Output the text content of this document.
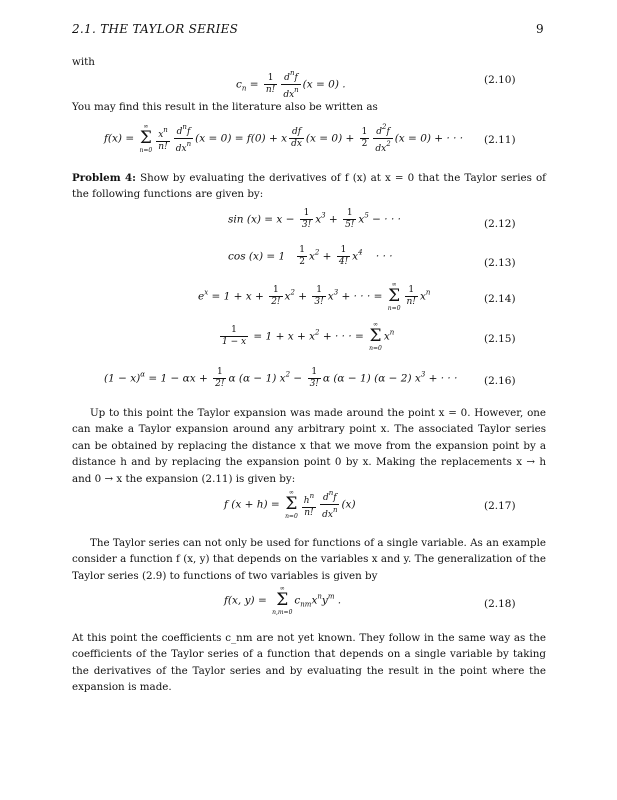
2.1. THE TAYLOR SERIES	9
with
$c_n = \frac{1}{n!} \frac{d^nf}{dx^n} (x = 0)$ .	(2.10)
You may find this result in the literature also be written as
f(x) =
∞
Σ
$n=0 \frac{x^n}{n!} \frac{d^nf}{dx^n} (x = 0) = f(0) + x \frac{df}{dx} (x = 0) + \frac{1}{2} \frac{d^2f}{dx^2} (x = 0)$ + · · · (2.11)
Problem 4: Show by evaluating the derivatives of f (x) at x = 0 that the Taylor series of the following functions are given by:
$\sin (x) = x - \frac{1}{3!} x^3 + \frac{1}{5!} x^5$ − · · ·	(2.12)
$\cos (x) = 1 \frac{1}{2} x^2 + \frac{1}{4!} x^4$    · · ·
(2.13)
$e^x = 1 + x + \frac{1}{2!} x^2 + \frac{1}{3!} x^3$ + · · · =
∞
Σ
n=0
$\frac{1}{n!} x^n$
(2.14)
$\frac{1}{1 - x} = 1 + x + x^2$ + · · · =
∞
Σ
n=0
$x^n$
(2.15)
$(1 - x)^\alpha = 1 - \alpha x + \frac{1}{2!}$ α (α − 1) $x^2 - \frac{1}{3!}$ α (α − 1) (α − 2) $x^3$ + · · ·	(2.16)
Up to this point the Taylor expansion was made around the point x = 0. However, one can make a Taylor expansion around any arbitrary point x. The associated Taylor series can be obtained by replacing the distance x that we move from the expansion point by a distance h and by replacing the expansion point 0 by x. Making the replacements x → h and 0 → x the expansion (2.11) is given by:
f (x + h) =
∞
Σ
$n=0 \frac{h^n}{n!} \frac{d^nf}{dx^n} (x)$	(2.17)
The Taylor series can not only be used for functions of a single variable. As an example consider a function f (x, y) that depends on the variables x and y. The generalization of the Taylor series (2.9) to functions of two variables is given by
f(x, y) =
∞
Σ
n,m=0
$c_{nm}x^ny^m$ .	(2.18)
At this point the coefficients c_nm are not yet known. They follow in the same way as the coefficients of the Taylor series of a function that depends on a single variable by taking the derivatives of the Taylor series and by evaluating the result in the point where the expansion is made.
